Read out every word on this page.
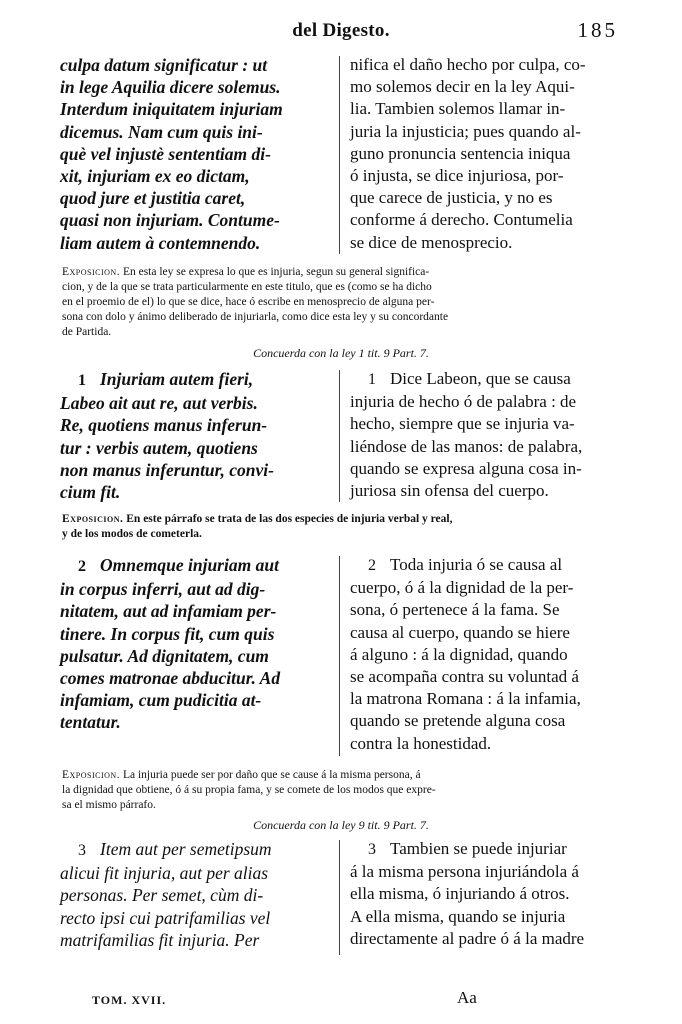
del Digesto.	185
culpa datum significatur : ut
in lege Aquilia dicere solemus.
Interdum iniquitatem injuriam
dicemus. Nam cum quis ini-
què vel injustè sententiam di-
xit, injuriam ex eo dictam,
quod jure et justitia caret,
quasi non injuriam. Contume-
liam autem à contemnendo.
nifica el daño hecho por culpa, co-
mo solemos decir en la ley Aqui-
lia. Tambien solemos llamar in-
juria la injusticia; pues quando al-
guno pronuncia sentencia iniqua
ó injusta, se dice injuriosa, por-
que carece de justicia, y no es
conforme á derecho. Contumelia
se dice de menosprecio.
Exposicion. En esta ley se expresa lo que es injuria, segun su general significa-
cion, y de la que se trata particularmente en este titulo, que es (como se ha dicho
en el proemio de el) lo que se dice, hace ó escribe en menosprecio de alguna per-
sona con dolo y ánimo deliberado de injuriarla, como dice esta ley y su concordante
de Partida.
Concuerda con la ley 1 tit. 9 Part. 7.
1 Injuriam autem fieri,
Labeo ait aut re, aut verbis.
Re, quotiens manus inferun-
tur : verbis autem, quotiens
non manus inferuntur, convi-
cium fit.
1 Dice Labeon, que se causa
injuria de hecho ó de palabra : de
hecho, siempre que se injuria va-
liéndose de las manos: de palabra,
quando se expresa alguna cosa in-
juriosa sin ofensa del cuerpo.
Exposicion. En este párrafo se trata de las dos especies de injuria verbal y real,
y de los modos de cometerla.
2 Omnemque injuriam aut
in corpus inferri, aut ad dig-
nitatem, aut ad infamiam per-
tinere. In corpus fit, cum quis
pulsatur. Ad dignitatem, cum
comes matronae abducitur. Ad
infamiam, cum pudicitia at-
tentatur.
2 Toda injuria ó se causa al
cuerpo, ó á la dignidad de la per-
sona, ó pertenece á la fama. Se
causa al cuerpo, quando se hiere
á alguno : á la dignidad, quando
se acompaña contra su voluntad á
la matrona Romana : á la infamia,
quando se pretende alguna cosa
contra la honestidad.
Exposicion. La injuria puede ser por daño que se cause á la misma persona, á
la dignidad que obtiene, ó á su propia fama, y se comete de los modos que expre-
sa el mismo párrafo.
Concuerda con la ley 9 tit. 9 Part. 7.
3 Item aut per semetipsum
alicui fit injuria, aut per alias
personas. Per semet, cùm di-
recto ipsi cui patrifamilias vel
matrifamilias fit injuria. Per
3 Tambien se puede injuriar
á la misma persona injuriándola á
ella misma, ó injuriando á otros.
A ella misma, quando se injuria
directamente al padre ó á la madre
TOM. XVII.	Aa
